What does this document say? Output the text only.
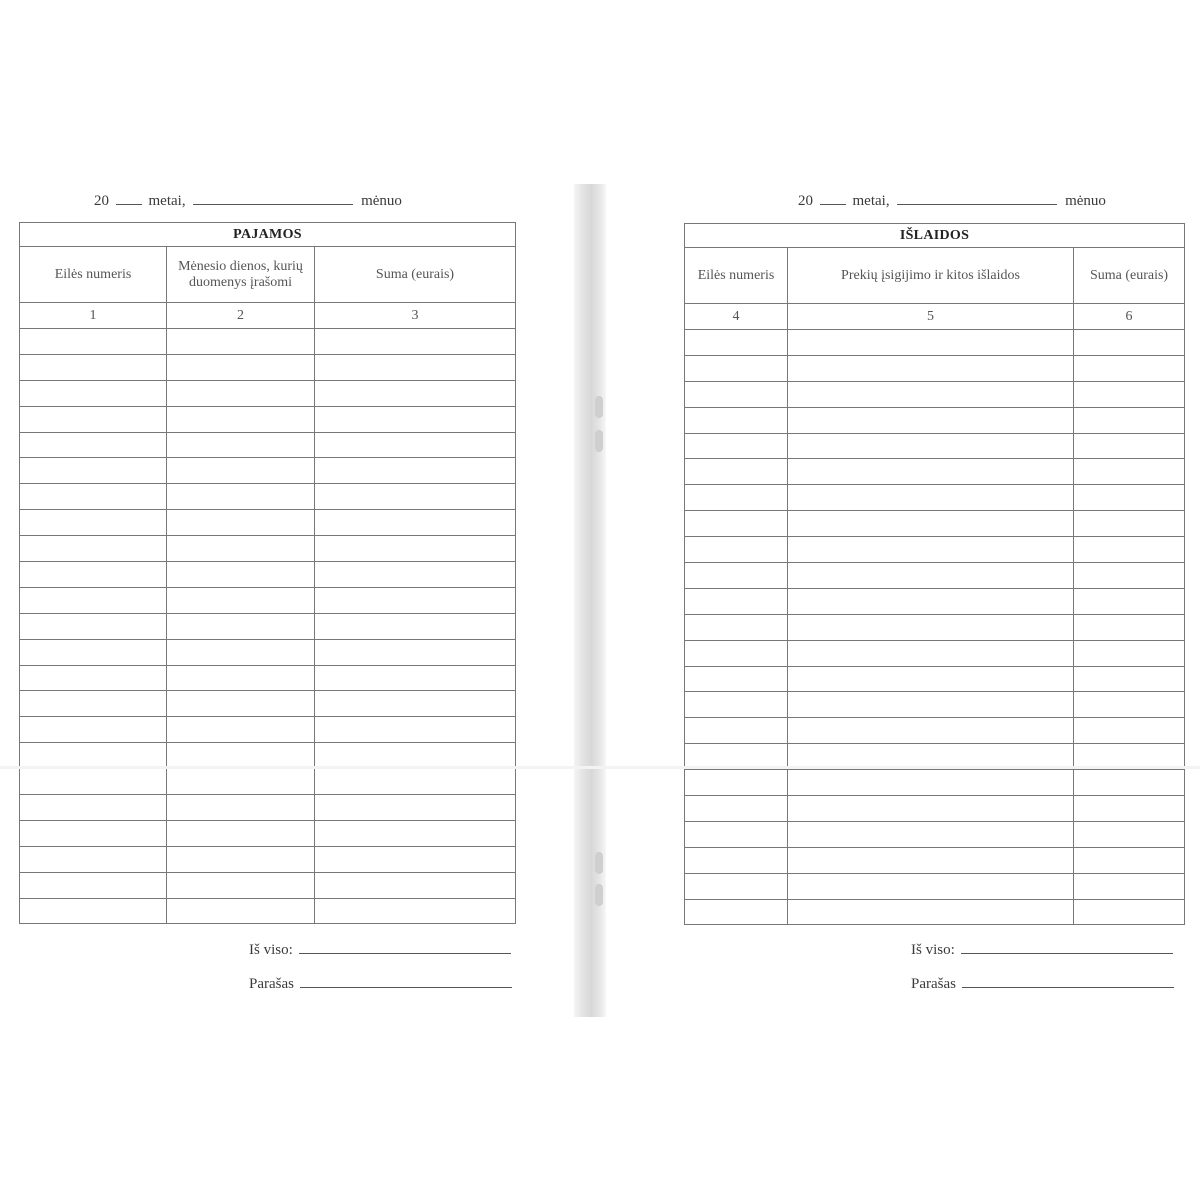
20	metai,	mėnuo
PAJAMOS		
Eilės numeris	Mėnesio dienos, kurių duomenys įrašomi	Suma (eurais)
1	2	3

Iš viso:
Parašas
20	metai,	mėnuo
IŠLAIDOS		
Eilės numeris	Prekių įsigijimo ir kitos išlaidos	Suma (eurais)
4	5	6

Iš viso:
Parašas
